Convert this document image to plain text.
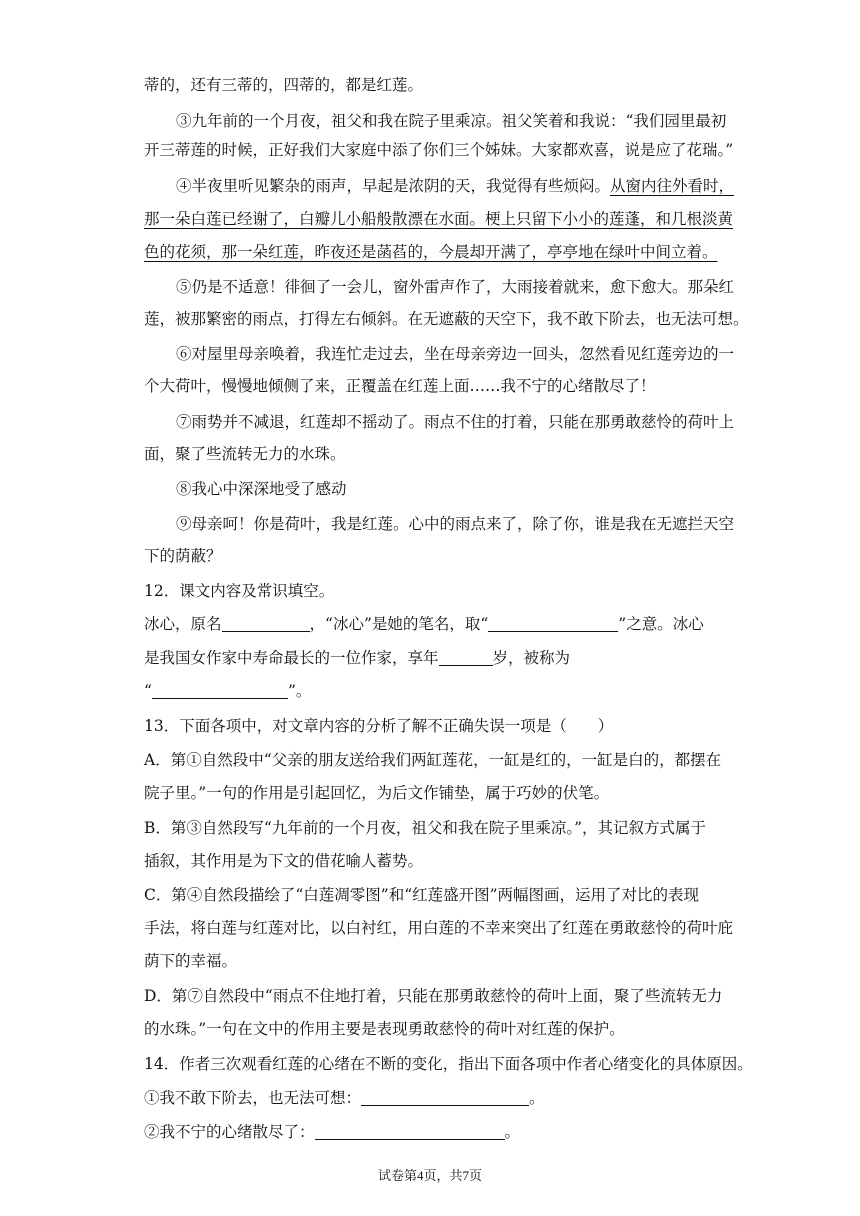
蒂的，还有三蒂的，四蒂的，都是红莲。
③九年前的一个月夜，祖父和我在院子里乘凉。祖父笑着和我说：“我们园里最初
开三蒂莲的时候，正好我们大家庭中添了你们三个姊妹。大家都欢喜，说是应了花瑞。”
④半夜里听见繁杂的雨声，早起是浓阴的天，我觉得有些烦闷。从窗内往外看时，
那一朵白莲已经谢了，白瓣儿小船般散漂在水面。梗上只留下小小的莲蓬，和几根淡黄
色的花须，那一朵红莲，昨夜还是菡萏的，今晨却开满了，亭亭地在绿叶中间立着。
⑤仍是不适意！徘徊了一会儿，窗外雷声作了，大雨接着就来，愈下愈大。那朵红
莲，被那繁密的雨点，打得左右倾斜。在无遮蔽的天空下，我不敢下阶去，也无法可想。
⑥对屋里母亲唤着，我连忙走过去，坐在母亲旁边一回头，忽然看见红莲旁边的一
个大荷叶，慢慢地倾侧了来，正覆盖在红莲上面……我不宁的心绪散尽了！
⑦雨势并不减退，红莲却不摇动了。雨点不住的打着，只能在那勇敢慈怜的荷叶上
面，聚了些流转无力的水珠。
⑧我心中深深地受了感动
⑨母亲呵！你是荷叶，我是红莲。心中的雨点来了，除了你，谁是我在无遮拦天空
下的荫蔽？
12．课文内容及常识填空。
冰心，原名	，“冰心”是她的笔名，取“	”之意。冰心
是我国女作家中寿命最长的一位作家，享年	岁，被称为
“	”。
13．下面各项中，对文章内容的分析了解不正确失误一项是（　　）
A．第①自然段中“父亲的朋友送给我们两缸莲花，一缸是红的，一缸是白的，都摆在
院子里。”一句的作用是引起回忆，为后文作铺垫，属于巧妙的伏笔。
B．第③自然段写“九年前的一个月夜，祖父和我在院子里乘凉。”，其记叙方式属于
插叙，其作用是为下文的借花喻人蓄势。
C．第④自然段描绘了“白莲凋零图”和“红莲盛开图”两幅图画，运用了对比的表现
手法，将白莲与红莲对比，以白衬红，用白莲的不幸来突出了红莲在勇敢慈怜的荷叶庇
荫下的幸福。
D．第⑦自然段中“雨点不住地打着，只能在那勇敢慈怜的荷叶上面，聚了些流转无力
的水珠。”一句在文中的作用主要是表现勇敢慈怜的荷叶对红莲的保护。
14．作者三次观看红莲的心绪在不断的变化，指出下面各项中作者心绪变化的具体原因。
①我不敢下阶去，也无法可想：	。
②我不宁的心绪散尽了：	。
试卷第4页，共7页
